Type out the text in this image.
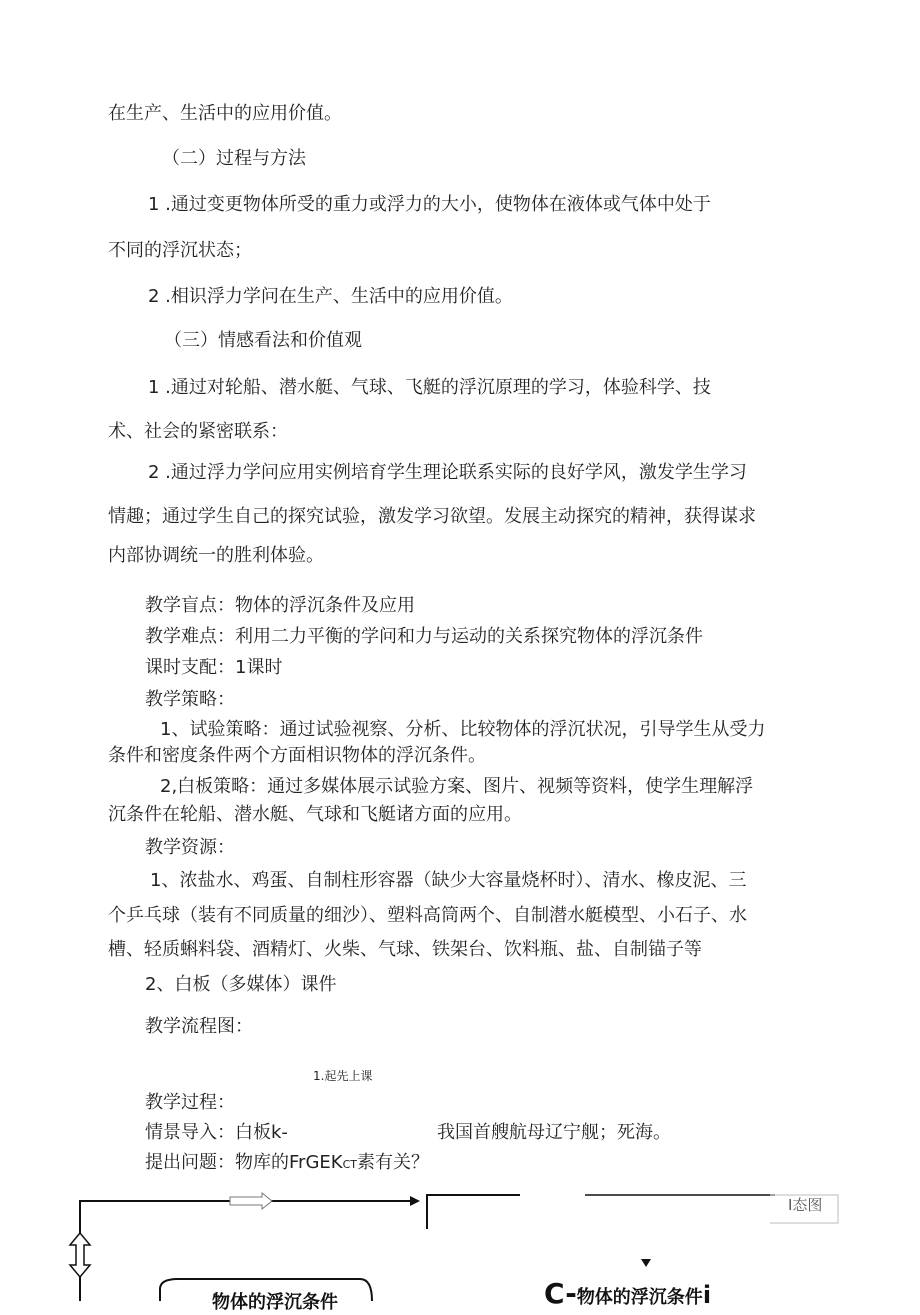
在生产、生活中的应用价值。
（二）过程与方法
1 .通过变更物体所受的重力或浮力的大小，使物体在液体或气体中处于
不同的浮沉状态；
2 .相识浮力学问在生产、生活中的应用价值。
（三）情感看法和价值观
1 .通过对轮船、潜水艇、气球、飞艇的浮沉原理的学习，体验科学、技
术、社会的紧密联系：
2 .通过浮力学问应用实例培育学生理论联系实际的良好学风，激发学生学习
情趣；通过学生自己的探究试验，激发学习欲望。发展主动探究的精神，获得谋求
内部协调统一的胜利体验。
教学盲点：物体的浮沉条件及应用
教学难点：利用二力平衡的学问和力与运动的关系探究物体的浮沉条件
课时支配：1课时
教学策略：
1、试验策略：通过试验视察、分析、比较物体的浮沉状况，引导学生从受力
条件和密度条件两个方面相识物体的浮沉条件。
2,白板策略：通过多媒体展示试验方案、图片、视频等资料，使学生理解浮
沉条件在轮船、潜水艇、气球和飞艇诸方面的应用。
教学资源：
1、浓盐水、鸡蛋、自制柱形容器（缺少大容量烧杯时）、清水、橡皮泥、三
个乒乓球（装有不同质量的细沙）、塑料高筒两个、自制潜水艇模型、小石子、水
槽、轻质蝌料袋、酒精灯、火柴、气球、铁架台、饮料瓶、盐、自制锚子等
2、白板（多媒体）课件
教学流程图：
1.起先上课
教学过程：
情景导入：白板k-	我国首艘航母辽宁舰；死海。
提出问题：物库的FrGEKCT素有关？
I态图
C-物体的浮沉条件i
物体的浮沉条件
